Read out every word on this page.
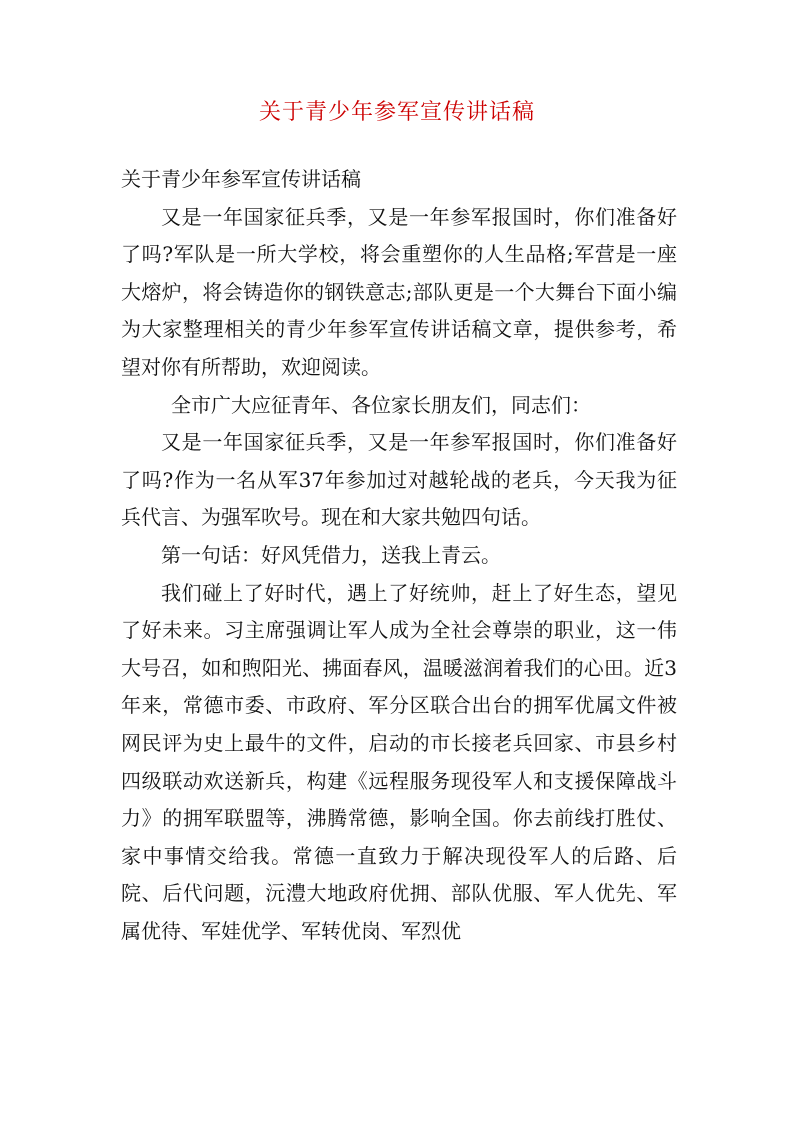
关于青少年参军宣传讲话稿

关于青少年参军宣传讲话稿

又是一年国家征兵季，又是一年参军报国时，你们准备好了吗?军队是一所大学校，将会重塑你的人生品格;军营是一座大熔炉，将会铸造你的钢铁意志;部队更是一个大舞台下面小编为大家整理相关的青少年参军宣传讲话稿文章，提供参考，希望对你有所帮助，欢迎阅读。

全市广大应征青年、各位家长朋友们，同志们：

又是一年国家征兵季，又是一年参军报国时，你们准备好了吗?作为一名从军37年参加过对越轮战的老兵，今天我为征兵代言、为强军吹号。现在和大家共勉四句话。

第一句话：好风凭借力，送我上青云。

我们碰上了好时代，遇上了好统帅，赶上了好生态，望见了好未来。习主席强调让军人成为全社会尊崇的职业，这一伟大号召，如和煦阳光、拂面春风，温暖滋润着我们的心田。近3年来，常德市委、市政府、军分区联合出台的拥军优属文件被网民评为史上最牛的文件，启动的市长接老兵回家、市县乡村四级联动欢送新兵，构建《远程服务现役军人和支援保障战斗力》的拥军联盟等，沸腾常德，影响全国。你去前线打胜仗、家中事情交给我。常德一直致力于解决现役军人的后路、后院、后代问题，沅澧大地政府优拥、部队优服、军人优先、军属优待、军娃优学、军转优岗、军烈优
